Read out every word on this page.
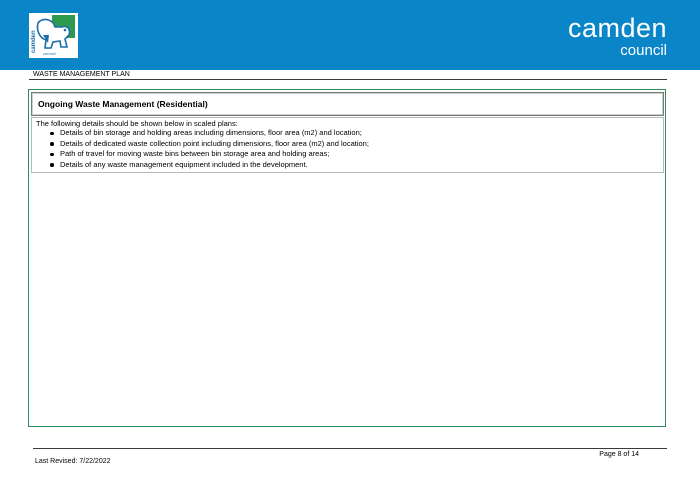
camden
council
camden
council
WASTE MANAGEMENT PLAN
Ongoing Waste Management (Residential)
The following details should be shown below in scaled plans:
Details of bin storage and holding areas including dimensions, floor area (m2) and location;
Details of dedicated waste collection point including dimensions, floor area (m2) and location;
Path of travel for moving waste bins between bin storage area and holding areas;
Details of any waste management equipment included in the development.
Page 8 of 14
Last Revised: 7/22/2022
